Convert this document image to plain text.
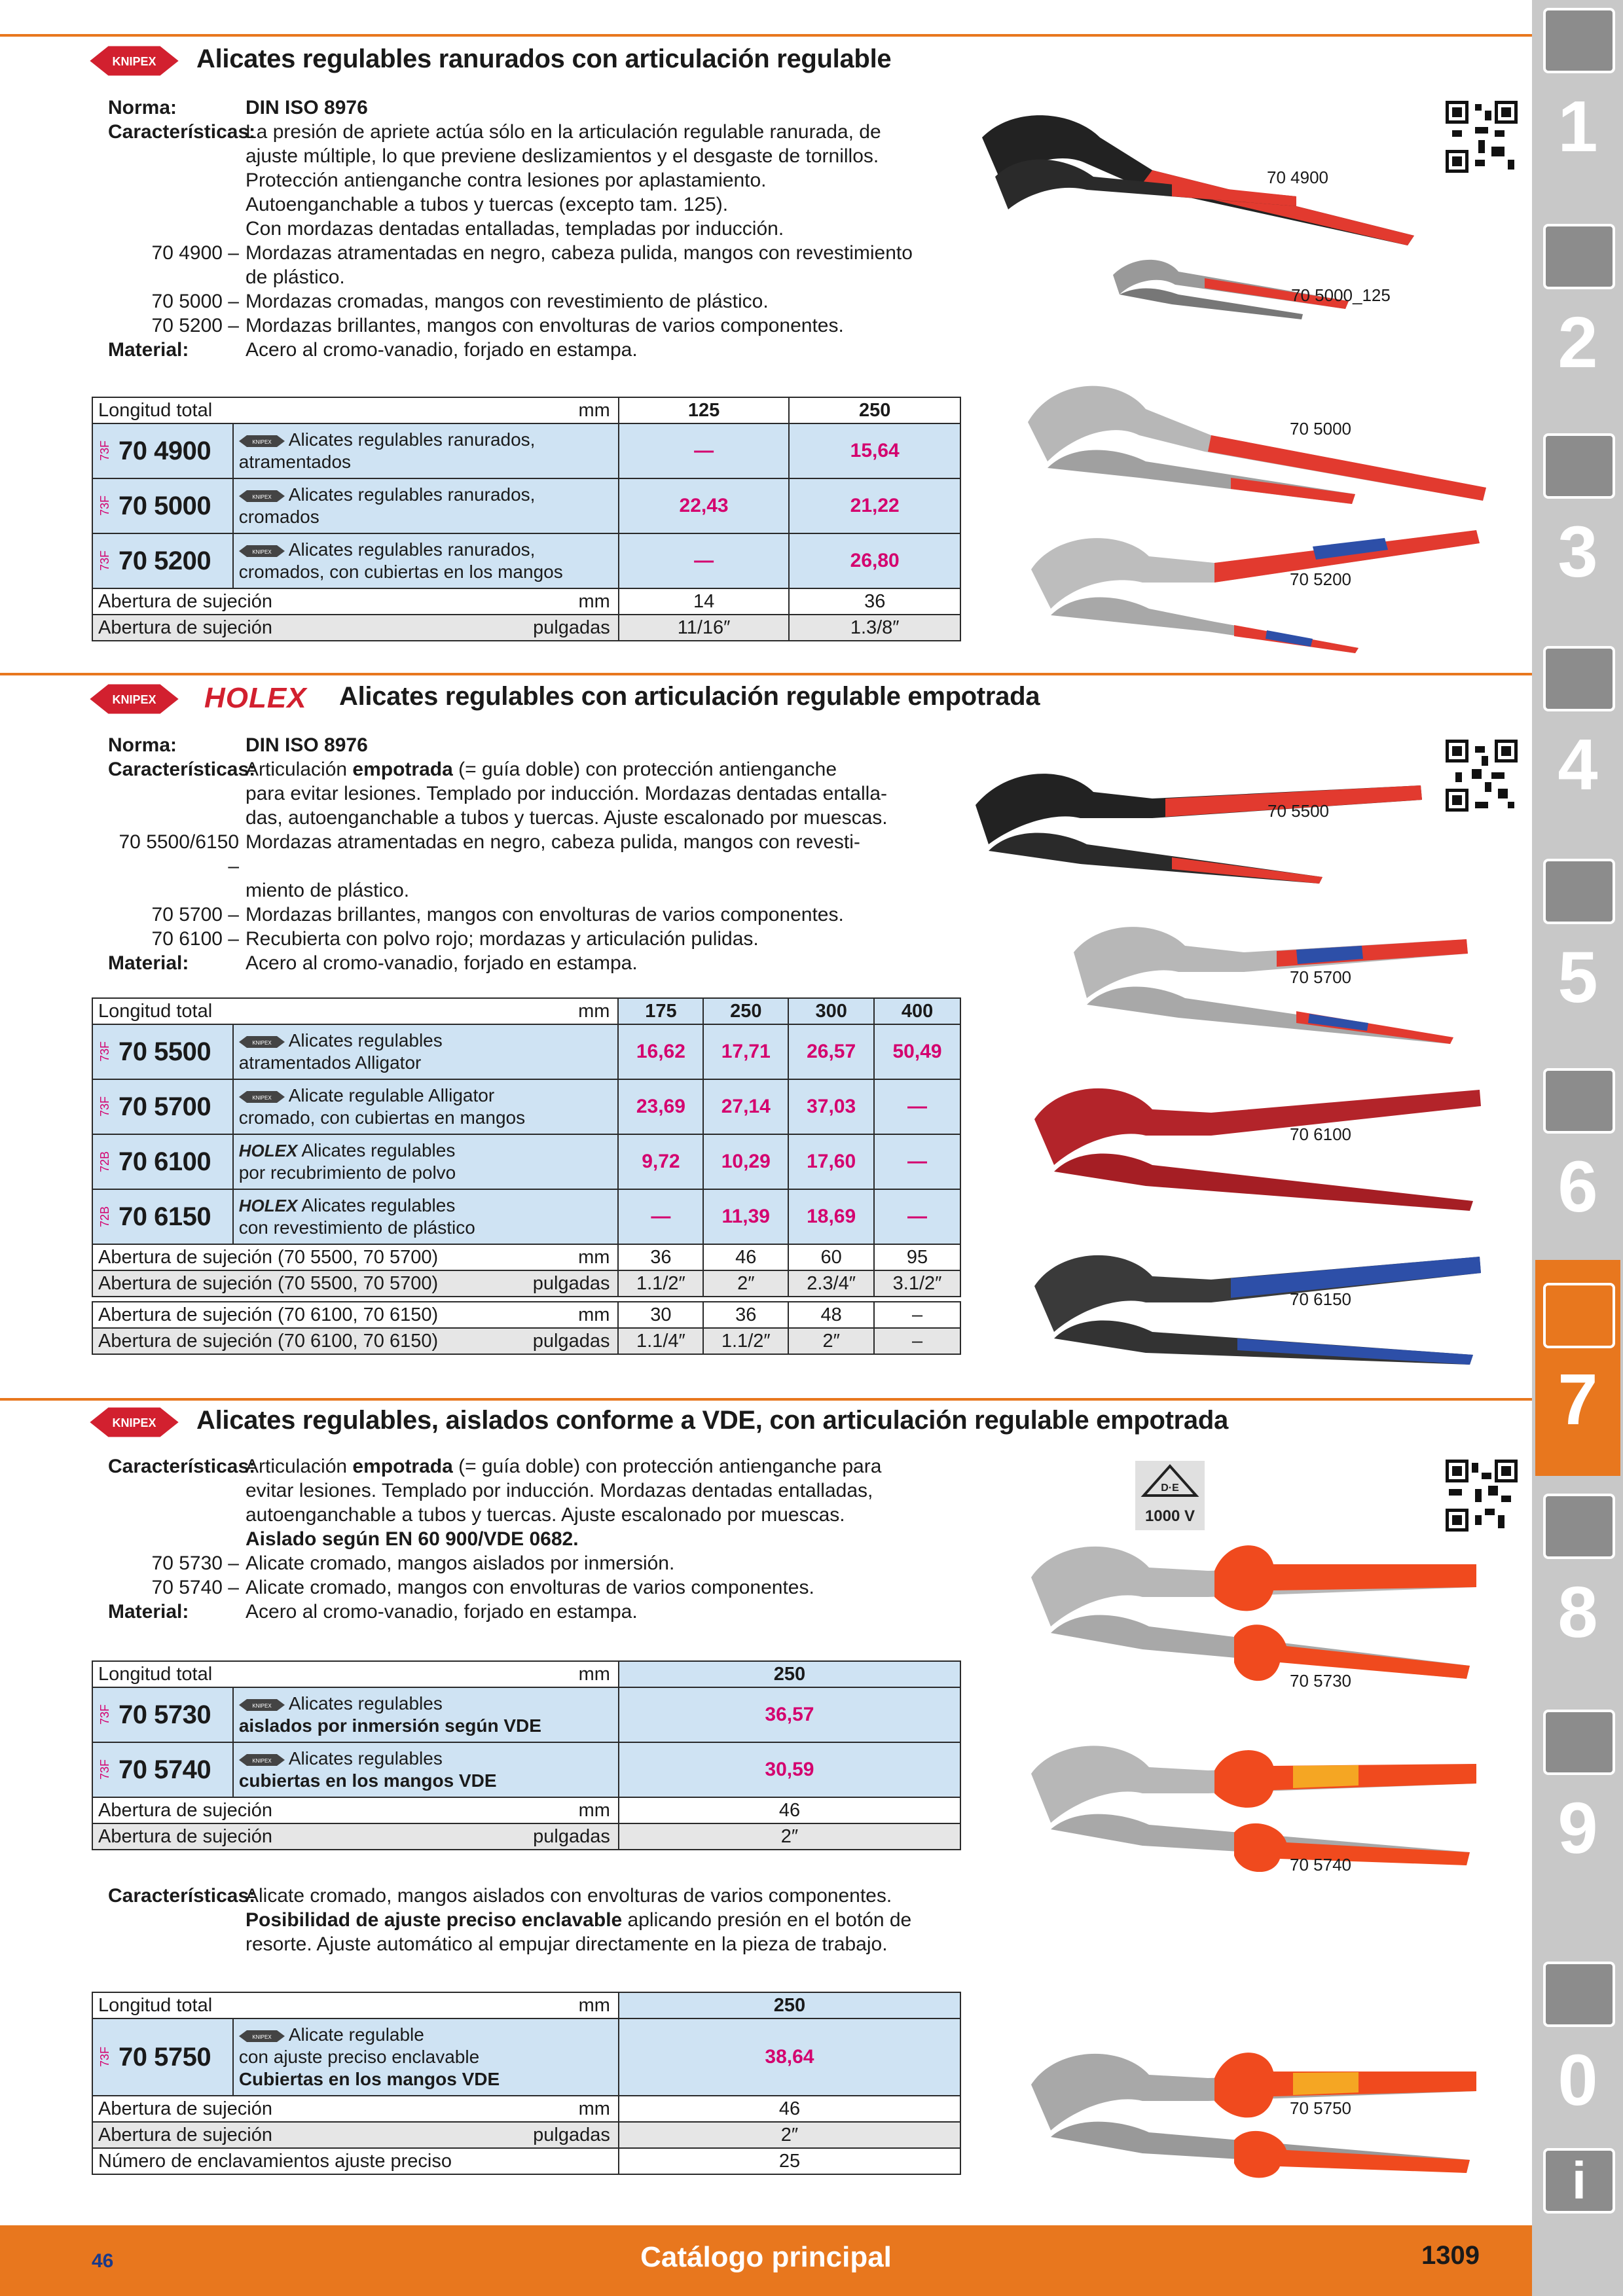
KNIPEX Alicates regulables ranurados con articulación regulable
Norma:	DIN ISO 8976
Características:
La presión de apriete actúa sólo en la articulación regulable ranurada, de
ajuste múltiple, lo que previene deslizamientos y el desgaste de tornillos.
Protección antienganche contra lesiones por aplastamiento.
Autoenganchable a tubos y tuercas (excepto tam. 125).
Con mordazas dentadas entalladas, templadas por inducción.
70 4900 – Mordazas atramentadas en negro, cabeza pulida, mangos con revestimiento
de plástico.
70 5000 – Mordazas cromadas, mangos con revestimiento de plástico.
70 5200 – Mordazas brillantes, mangos con envolturas de varios componentes.
Material:	Acero al cromo-vanadio, forjado en estampa.
Longitud total mm		125	250

73F 70 4900	KNIPEX Alicates regulables ranurados,
atramentados	—	15,64

73F 70 5000	KNIPEX Alicates regulables ranurados,
cromados	22,43	21,22

73F 70 5200	KNIPEX Alicates regulables ranurados,
cromados, con cubiertas en los mangos	—	26,80
Abertura de sujeción mm		14	36
Abertura de sujeción pulgadas		11/16″	1.3/8″
70 4900
70 5000_125
70 5000
70 5200
KNIPEX HOLEX Alicates regulables con articulación regulable empotrada
Norma:	DIN ISO 8976
Características:
Articulación empotrada (= guía doble) con protección antienganche
para evitar lesiones. Templado por inducción. Mordazas dentadas entalla-
das, autoenganchable a tubos y tuercas. Ajuste escalonado por muescas.
70 5500/6150 –
Mordazas atramentadas en negro, cabeza pulida, mangos con revesti-
miento de plástico.
70 5700 – Mordazas brillantes, mangos con envolturas de varios componentes.
70 6100 – Recubierta con polvo rojo; mordazas y articulación pulidas.
Material:	Acero al cromo-vanadio, forjado en estampa.
Longitud total mm		175	250	300	400

73F 70 5500	KNIPEX Alicates regulables
atramentados Alligator	16,62	17,71	26,57	50,49

73F 70 5700	KNIPEX Alicate regulable Alligator
cromado, con cubiertas en mangos	23,69	27,14	37,03	—

72B 70 6100	HOLEX Alicates regulables
por recubrimiento de polvo	9,72	10,29	17,60	—

72B 70 6150	HOLEX Alicates regulables
con revestimiento de plástico	—	11,39	18,69	—
Abertura de sujeción (70 5500, 70 5700) mm		36	46	60	95
Abertura de sujeción (70 5500, 70 5700) pulgadas		1.1/2″	2″	2.3/4″	3.1/2″

Abertura de sujeción (70 6100, 70 6150) mm		30	36	48	–
Abertura de sujeción (70 6100, 70 6150) pulgadas		1.1/4″	1.1/2″	2″	–
70 5500
70 5700
70 6100
70 6150
KNIPEX Alicates regulables, aislados conforme a VDE, con articulación regulable empotrada
Características:
Articulación empotrada (= guía doble) con protección antienganche para
evitar lesiones. Templado por inducción. Mordazas dentadas entalladas,
autoenganchable a tubos y tuercas. Ajuste escalonado por muescas.
Aislado según EN 60 900/VDE 0682.
70 5730 – Alicate cromado, mangos aislados por inmersión.
70 5740 – Alicate cromado, mangos con envolturas de varios componentes.
Material:	Acero al cromo-vanadio, forjado en estampa.
D·E
1000 V
Longitud total mm		250

73F 70 5730	KNIPEX Alicates regulables
aislados por inmersión según VDE	36,57

73F 70 5740	KNIPEX Alicates regulables
cubiertas en los mangos VDE	30,59
Abertura de sujeción mm		46
Abertura de sujeción pulgadas		2″
Características:
Alicate cromado, mangos aislados con envolturas de varios componentes.
Posibilidad de ajuste preciso enclavable aplicando presión en el botón de
resorte. Ajuste automático al empujar directamente en la pieza de trabajo.
Longitud total mm		250

73F 70 5750	KNIPEX Alicate regulable
con ajuste preciso enclavable
Cubiertas en los mangos VDE	38,64
Abertura de sujeción mm		46
Abertura de sujeción pulgadas		2″
Número de enclavamientos ajuste preciso		25
70 5730
70 5740
70 5750
1
2
3
4
5
6
7
8
9
0
i
46	Catálogo principal	1309
